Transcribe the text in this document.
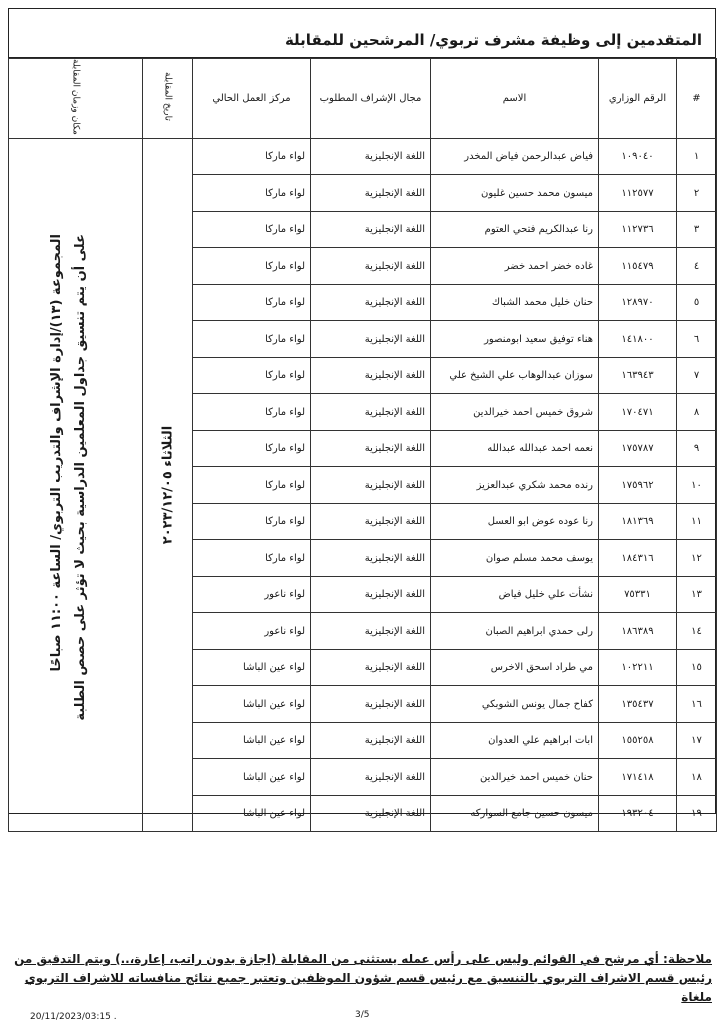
المتقدمين إلى وظيفة مشرف تربوي/ المرشحين للمقابلة
#	الرقم الوزاري	الاسم	مجال الإشراف المطلوب	مركز العمل الحالي	تاريخ المقابلة	مكان وزمان المقابلة
١	١٠٩٠٤٠	فياض عبدالرحمن فياض المخدر	اللغة الإنجليزية	لواء ماركا	الثلاثاء ٢٠٢٣/١٢/٠٥	المجموعة (١٣)/إدارة الإشراف والتدريب التربوي/ الساعة ١١:٠٠ صباحًا على أن يتم تنسيق جداول المعلمين الدراسية بحيث لا تؤثر على حصص الطلبة

٢	١١٢٥٧٧	ميسون محمد حسين غليون	اللغة الإنجليزية	لواء ماركا		
٣	١١٢٧٣٦	رنا عبدالكريم فتحي العتوم	اللغة الإنجليزية	لواء ماركا		
٤	١١٥٤٧٩	غاده خضر احمد خضر	اللغة الإنجليزية	لواء ماركا		
٥	١٢٨٩٧٠	حنان خليل محمد الشباك	اللغة الإنجليزية	لواء ماركا		
٦	١٤١٨٠٠	هناء توفيق سعيد ابومنصور	اللغة الإنجليزية	لواء ماركا		
٧	١٦٣٩٤٣	سوزان عبدالوهاب علي الشيخ علي	اللغة الإنجليزية	لواء ماركا		
٨	١٧٠٤٧١	شروق خميس احمد خيرالدين	اللغة الإنجليزية	لواء ماركا		
٩	١٧٥٧٨٧	نعمه احمد عبدالله عبدالله	اللغة الإنجليزية	لواء ماركا		
١٠	١٧٥٩٦٢	رنده محمد شكري عبدالعزيز	اللغة الإنجليزية	لواء ماركا		
١١	١٨١٣٦٩	رنا عوده عوض ابو العسل	اللغة الإنجليزية	لواء ماركا		
١٢	١٨٤٣١٦	يوسف محمد مسلم صوان	اللغة الإنجليزية	لواء ماركا		
١٣	٧٥٣٣١	نشأت علي خليل فياض	اللغة الإنجليزية	لواء ناعور		
١٤	١٨٦٣٨٩	رلى حمدي ابراهيم الصبان	اللغة الإنجليزية	لواء ناعور		
١٥	١٠٢٢١١	مي طراد اسحق الاخرس	اللغة الإنجليزية	لواء عين الباشا		
١٦	١٣٥٤٣٧	كفاح جمال يونس الشوبكي	اللغة الإنجليزية	لواء عين الباشا		
١٧	١٥٥٢٥٨	ابات ابراهيم علي العدوان	اللغة الإنجليزية	لواء عين الباشا		
١٨	١٧١٤١٨	حنان خميس احمد خيرالدين	اللغة الإنجليزية	لواء عين الباشا		
١٩	١٩٣٢٠٤	ميسون حسين جامع السواركه	اللغة الإنجليزية	لواء عين الباشا		
ملاحظة: أي مرشح في القوائم وليس على رأس عمله يستثنى من المقابلة (اجازة بدون راتب، إعارة،..) ويتم التدقيق من
رئيس قسم الاشراف التربوي بالتنسيق مع رئيس قسم شؤون الموظفين وتعتبر جميع نتائج منافساته للاشراف التربوي ملغاة
3/5
20/11/2023/03:15 .
